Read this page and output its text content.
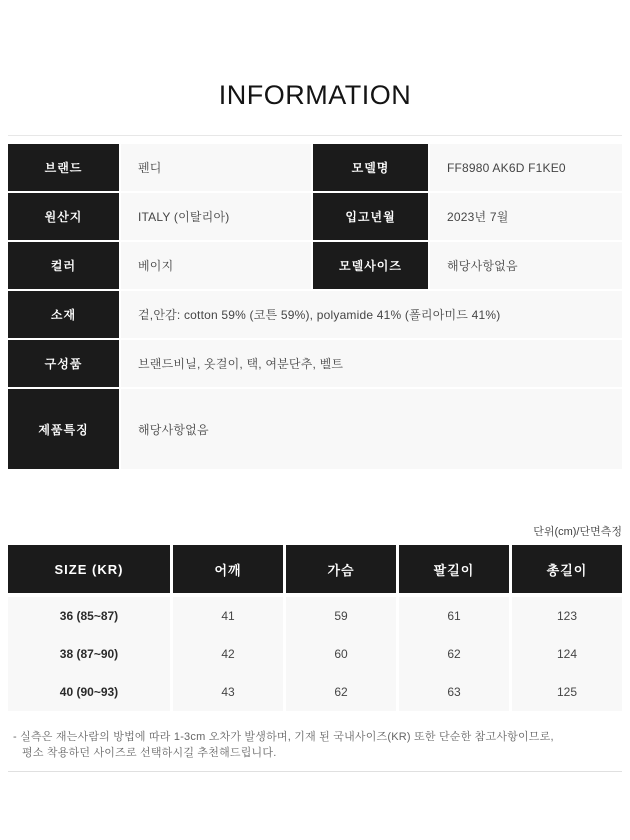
INFORMATION
브랜드	펜디	모델명	FF8980 AK6D F1KE0
원산지	ITALY (이탈리아)	입고년월	2023년 7월
컬러	베이지	모델사이즈	해당사항없음
소재	겉,안감: cotton 59% (코튼 59%), polyamide 41% (폴리아미드 41%)
구성품	브랜드비닐, 옷걸이, 택, 여분단추, 벨트
제품특징	해당사항없음
단위(cm)/단면측정
SIZE (KR)	어깨	가슴	팔길이	총길이
36 (85~87)	41	59	61	123
38 (87~90)	42	60	62	124
40 (90~93)	43	62	63	125
- 실측은 재는사람의 방법에 따라 1-3cm 오차가 발생하며, 기재 된 국내사이즈(KR) 또한 단순한 참고사항이므로,
평소 착용하던 사이즈로 선택하시길 추천해드립니다.
